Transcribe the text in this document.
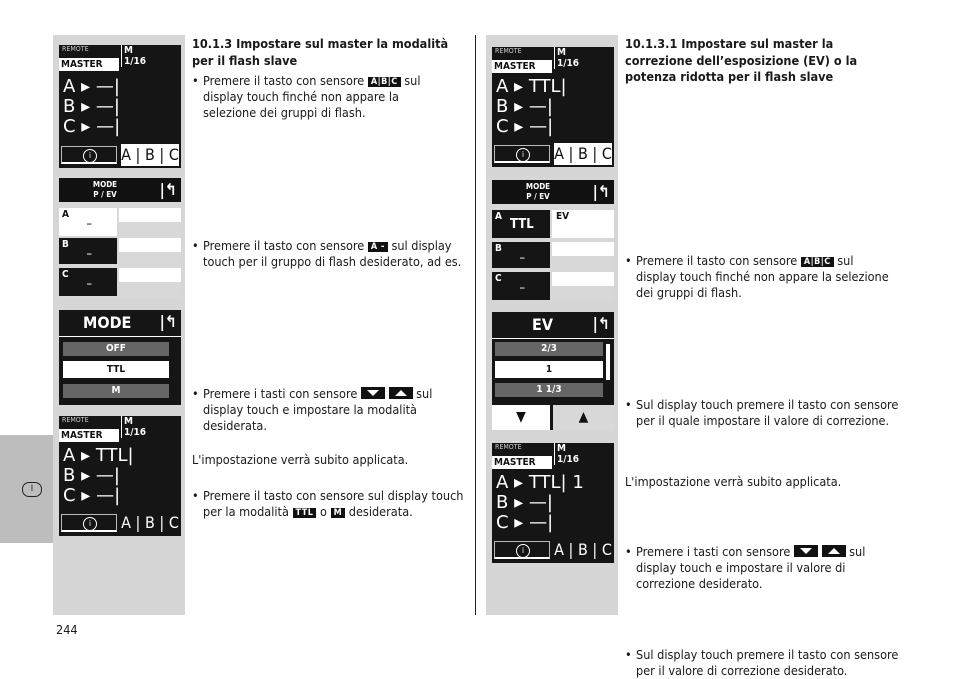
I
244
REMOTE
MASTER
M
1/16
A ▸ —|
B ▸ —|
C ▸ —|
i	A | B | C
MODE
P / EV	|↰
A _
B _
C _
MODE |↰
OFF
TTL
M
REMOTE
MASTER
M
1/16
A ▸ TTL|
B ▸ —|
C ▸ —|
i	A | B | C
10.1.3 Impostare sul master la modalità per il flash slave
• Premere il tasto con sensore A|B|C sul display touch finché non appare la selezione dei gruppi di flash.
• Premere il tasto con sensore A - sul display touch per il gruppo di flash desiderato, ad es.
• Premere i tasti con sensore	sul display touch e impostare la modalità desiderata.
• Premere il tasto con sensore sul display touch per la modalità TTL o M desiderata.
L'impostazione verrà subito applicata.
REMOTE
MASTER
M
1/16
A ▸ TTL|
B ▸ —|
C ▸ —|
i	A | B | C
MODE
P / EV	|↰
A
TTL
EV
B _
C _
EV |↰
2/3
1
1 1/3
▼	▲
REMOTE
MASTER
M
1/16
A ▸ TTL| 1
B ▸ —|
C ▸ —|
i	A | B | C
10.1.3.1 Impostare sul master la correzione dell’esposizione (EV) o la potenza ridotta per il flash slave
• Premere il tasto con sensore A|B|C sul display touch finché non appare la selezione dei gruppi di flash.
• Sul display touch premere il tasto con sensore per il quale impostare il valore di correzione.
• Premere i tasti con sensore	sul display touch e impostare il valore di correzione desiderato.
• Sul display touch premere il tasto con sensore per il valore di correzione desiderato.
L'impostazione verrà subito applicata.
